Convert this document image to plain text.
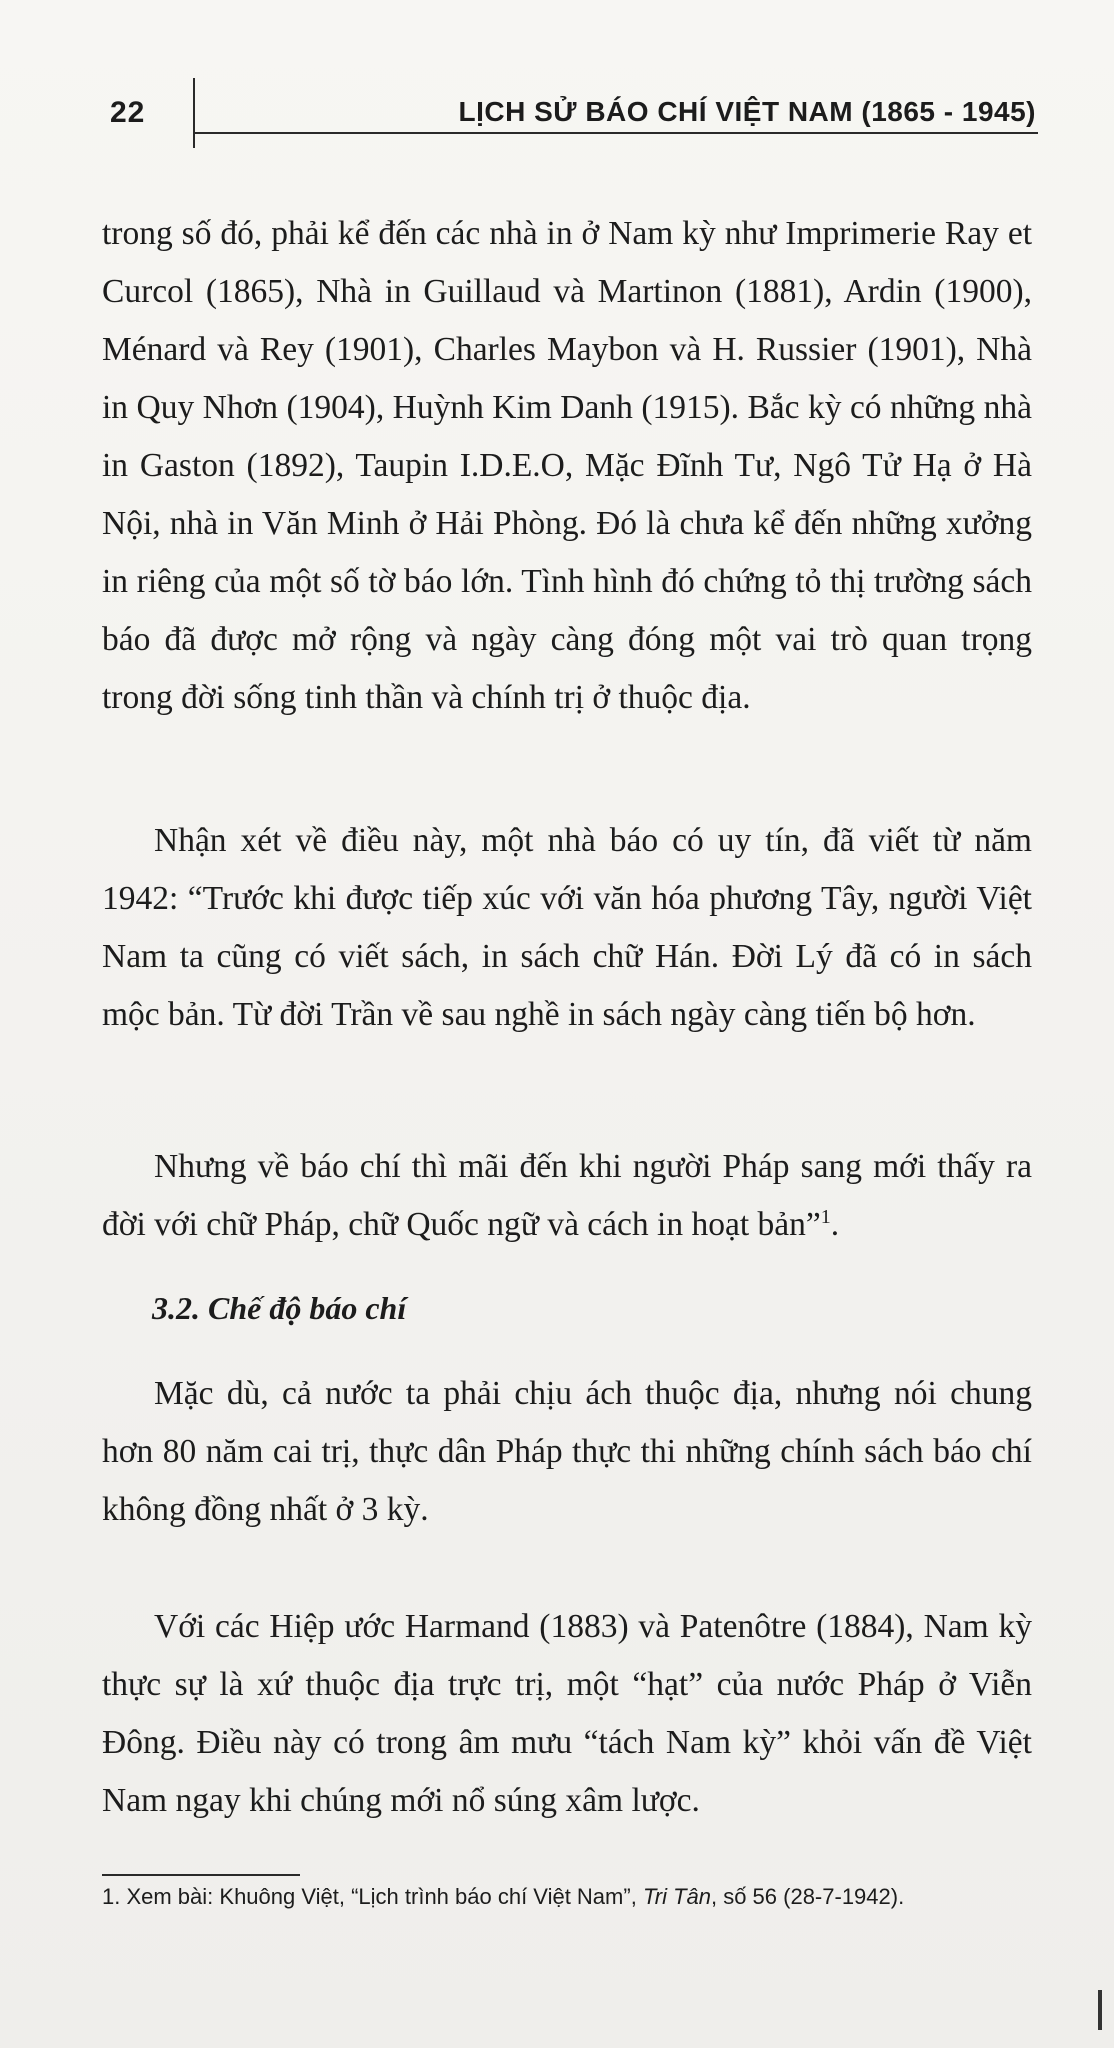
22	LỊCH SỬ BÁO CHÍ VIỆT NAM (1865 - 1945)

trong số đó, phải kể đến các nhà in ở Nam kỳ như Imprimerie Ray et Curcol (1865), Nhà in Guillaud và Martinon (1881), Ardin (1900), Ménard và Rey (1901), Charles Maybon và H. Russier (1901), Nhà in Quy Nhơn (1904), Huỳnh Kim Danh (1915). Bắc kỳ có những nhà in Gaston (1892), Taupin I.D.E.O, Mặc Đĩnh Tư, Ngô Tử Hạ ở Hà Nội, nhà in Văn Minh ở Hải Phòng. Đó là chưa kể đến những xưởng in riêng của một số tờ báo lớn. Tình hình đó chứng tỏ thị trường sách báo đã được mở rộng và ngày càng đóng một vai trò quan trọng trong đời sống tinh thần và chính trị ở thuộc địa.

Nhận xét về điều này, một nhà báo có uy tín, đã viết từ năm 1942: “Trước khi được tiếp xúc với văn hóa phương Tây, người Việt Nam ta cũng có viết sách, in sách chữ Hán. Đời Lý đã có in sách mộc bản. Từ đời Trần về sau nghề in sách ngày càng tiến bộ hơn.

Nhưng về báo chí thì mãi đến khi người Pháp sang mới thấy ra đời với chữ Pháp, chữ Quốc ngữ và cách in hoạt bản”$^1$.

3.2. Chế độ báo chí

Mặc dù, cả nước ta phải chịu ách thuộc địa, nhưng nói chung hơn 80 năm cai trị, thực dân Pháp thực thi những chính sách báo chí không đồng nhất ở 3 kỳ.

Với các Hiệp ước Harmand (1883) và Patenôtre (1884), Nam kỳ thực sự là xứ thuộc địa trực trị, một “hạt” của nước Pháp ở Viễn Đông. Điều này có trong âm mưu “tách Nam kỳ” khỏi vấn đề Việt Nam ngay khi chúng mới nổ súng xâm lược.

1. Xem bài: Khuông Việt, “Lịch trình báo chí Việt Nam”, Tri Tân, số 56 (28-7-1942).
